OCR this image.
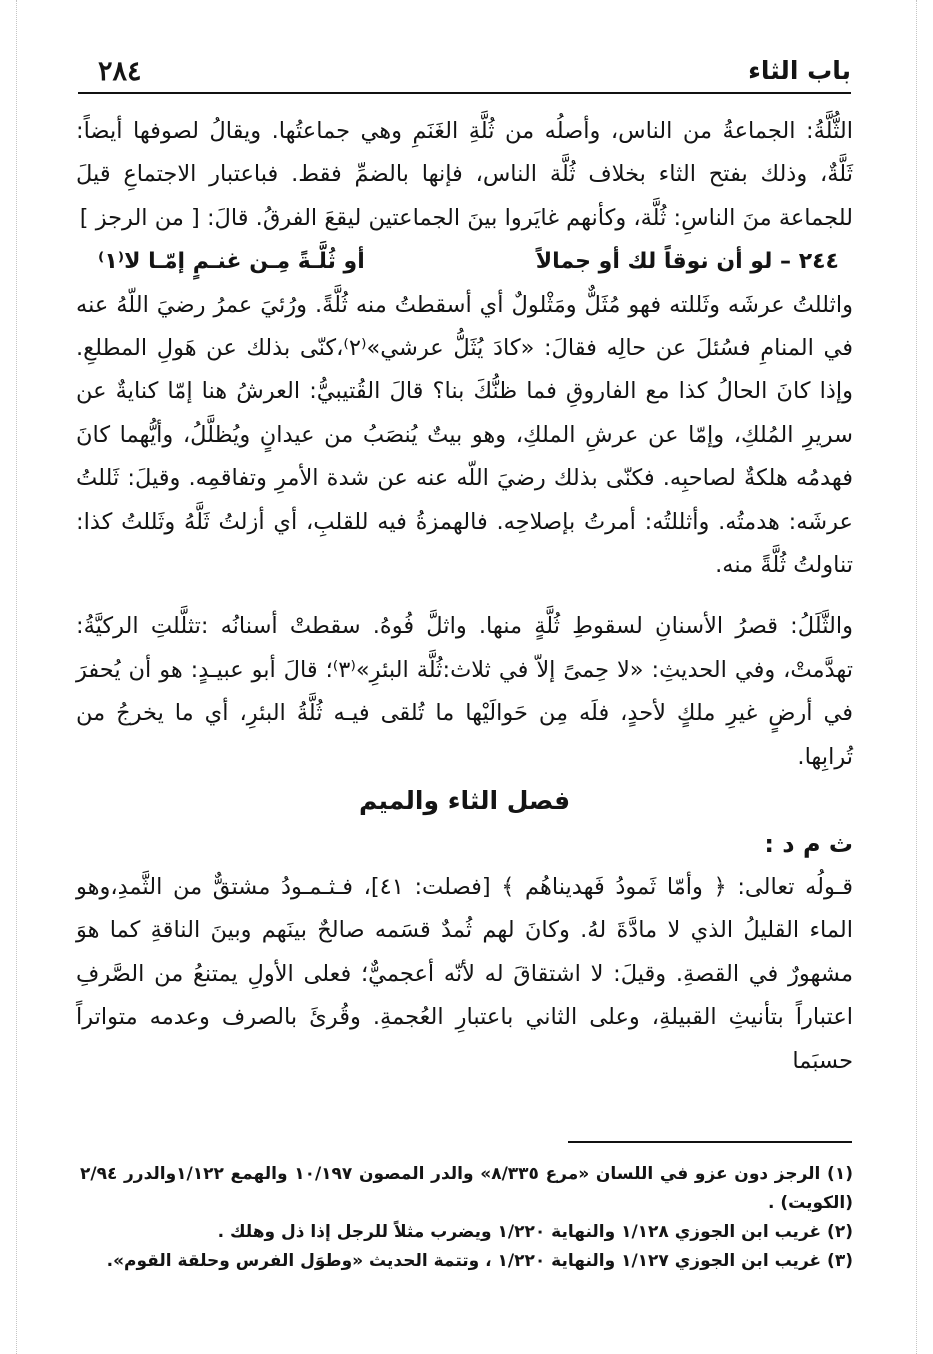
٢٨٤	باب الثاء

الثُّلَّةُ: الجماعةُ من الناس، وأصلُه من ثُلَّةِ الغَنَمِ وهي جماعتُها. ويقالُ لصوفها أيضاً: ثَلَّةٌ، وذلك بفتح الثاء بخلاف ثُلَّة الناس، فإنها بالضمِّ فقط. فباعتبار الاجتماعِ قيلَ للجماعة منَ الناسِ: ثُلَّة، وكأنهم غايَروا بينَ الجماعتين ليقعَ الفرقُ. قالَ: [ من الرجز ]

٢٤٤ – لو أن نوقاً لك أو جمالاً
أو ثُلَّـةً مِـن غنـمٍ إمّـا لا⁽١⁾

واثللتُ عرشَه وثَللته فهو مُثَلٌّ ومَثْلولٌ أي أسقطتُ منه ثُلَّةً. ورُئيَ عمرُ رضيَ اللّهُ عنه في المنامِ فسُئلَ عن حالِه فقالَ: «كادَ يُثَلُّ عرشي»⁽٢⁾،كنّى بذلك عن هَولِ المطلعِ. وإذا كانَ الحالُ كذا مع الفاروقِ فما ظنُّكَ بنا؟ قالَ القُتيبيُّ: العرشُ هنا إمّا كنايةٌ عن سريرِ المُلكِ، وإمّا عن عرشِ الملكِ، وهو بيتٌ يُنصَبُ من عيدانٍ ويُظلَّلُ، وأيُّهما كانَ فهدمُه هلكةٌ لصاحبِه. فكنّى بذلك رضيَ اللّه عنه عن شدة الأمرِ وتفاقمِه. وقيلَ: ثَللتُ عرشَه: هدمتُه. وأثللتُه: أمرتُ بإصلاحِه. فالهمزةُ فيه للقلبِ، أي أزلتُ ثَلَّهُ وثَللتُ كذا: تناولتُ ثُلَّةً منه.

والثَّلَلُ: قصرُ الأسنانِ لسقوطِ ثُلَّةٍ منها. واثلَّ فُوهُ. سقطتْ أسنانُه :تثلَّلتِ الركيَّةُ: تهدَّمتْ، وفي الحديثِ: «لا حِمىً إلاّ في ثلاث:ثُلَّة البئرِ»⁽٣⁾؛ قالَ أبو عبيـدٍ: هو أن يُحفرَ في أرضٍ غيرِ ملكٍ لأحدٍ، فلَه مِن حَوالَيْها ما تُلقى فيـه ثُلَّةُ البئرِ، أي ما يخرجُ من تُرابِها.

فصل الثاء والميم

ث م د :

قـولُه تعالى: ﴿ وأمّا ثَمودُ فَهديناهُم ﴾ [فصلت: ٤١]، فـثـمـودُ مشتقٌّ من الثَّمدِ،وهو الماء القليلُ الذي لا مادَّةَ لهُ. وكانَ لهم ثُمدٌ قسَمه صالحٌ بينَهم وبينَ الناقةِ كما هوَ مشهورٌ في القصةِ. وقيلَ: لا اشتقاقَ له لأنّه أعجميٌّ؛ فعلى الأولِ يمتنعُ من الصَّرفِ اعتباراً بتأنيثِ القبيلةِ، وعلى الثاني باعتبارِ العُجمةِ. وقُرئَ بالصرف وعدمه متواتراً حسبَما

(١) الرجز دون عزو في اللسان «مرع ٨/٣٣٥» والدر المصون ١٠/١٩٧ والهمع ١/١٢٢والدرر ٢/٩٤ (الكويت) .

(٢) غريب ابن الجوزي ١/١٢٨ والنهاية ١/٢٢٠ ويضرب مثلاً للرجل إذا ذل وهلك .

(٣) غريب ابن الجوزي ١/١٢٧ والنهاية ١/٢٢٠ ، وتتمة الحديث «وطوَل الفرس وحلقة القوم».
